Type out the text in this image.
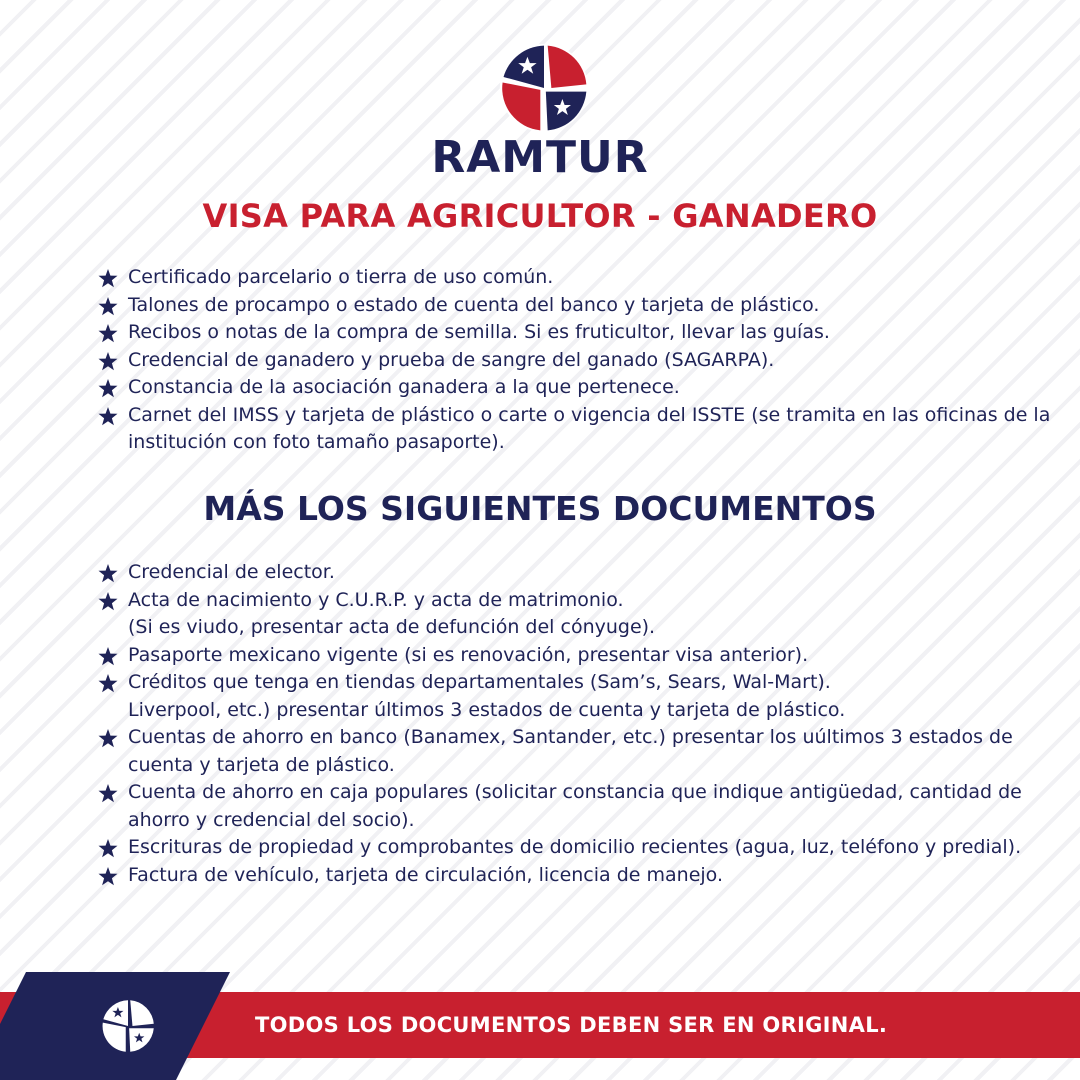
RAMTUR
VISA PARA AGRICULTOR - GANADERO
Certificado parcelario o tierra de uso común.
Talones de procampo o estado de cuenta del banco y tarjeta de plástico.
Recibos o notas de la compra de semilla. Si es fruticultor, llevar las guías.
Credencial de ganadero y prueba de sangre del ganado (SAGARPA).
Constancia de la asociación ganadera a la que pertenece.
Carnet del IMSS y tarjeta de plástico o carte o vigencia del ISSTE (se tramita en las oficinas de la institución con foto tamaño pasaporte).
MÁS LOS SIGUIENTES DOCUMENTOS
Credencial de elector.
Acta de nacimiento y C.U.R.P. y acta de matrimonio.
(Si es viudo, presentar acta de defunción del cónyuge).
Pasaporte mexicano vigente (si es renovación, presentar visa anterior).
Créditos que tenga en tiendas departamentales (Sam’s, Sears, Wal-Mart).
Liverpool, etc.) presentar últimos 3 estados de cuenta y tarjeta de plástico.
Cuentas de ahorro en banco (Banamex, Santander, etc.) presentar los uúltimos 3 estados de cuenta y tarjeta de plástico.
Cuenta de ahorro en caja populares (solicitar constancia que indique antigüedad, cantidad de ahorro y credencial del socio).
Escrituras de propiedad y comprobantes de domicilio recientes (agua, luz, teléfono y predial).
Factura de vehículo, tarjeta de circulación, licencia de manejo.
TODOS LOS DOCUMENTOS DEBEN SER EN ORIGINAL.
